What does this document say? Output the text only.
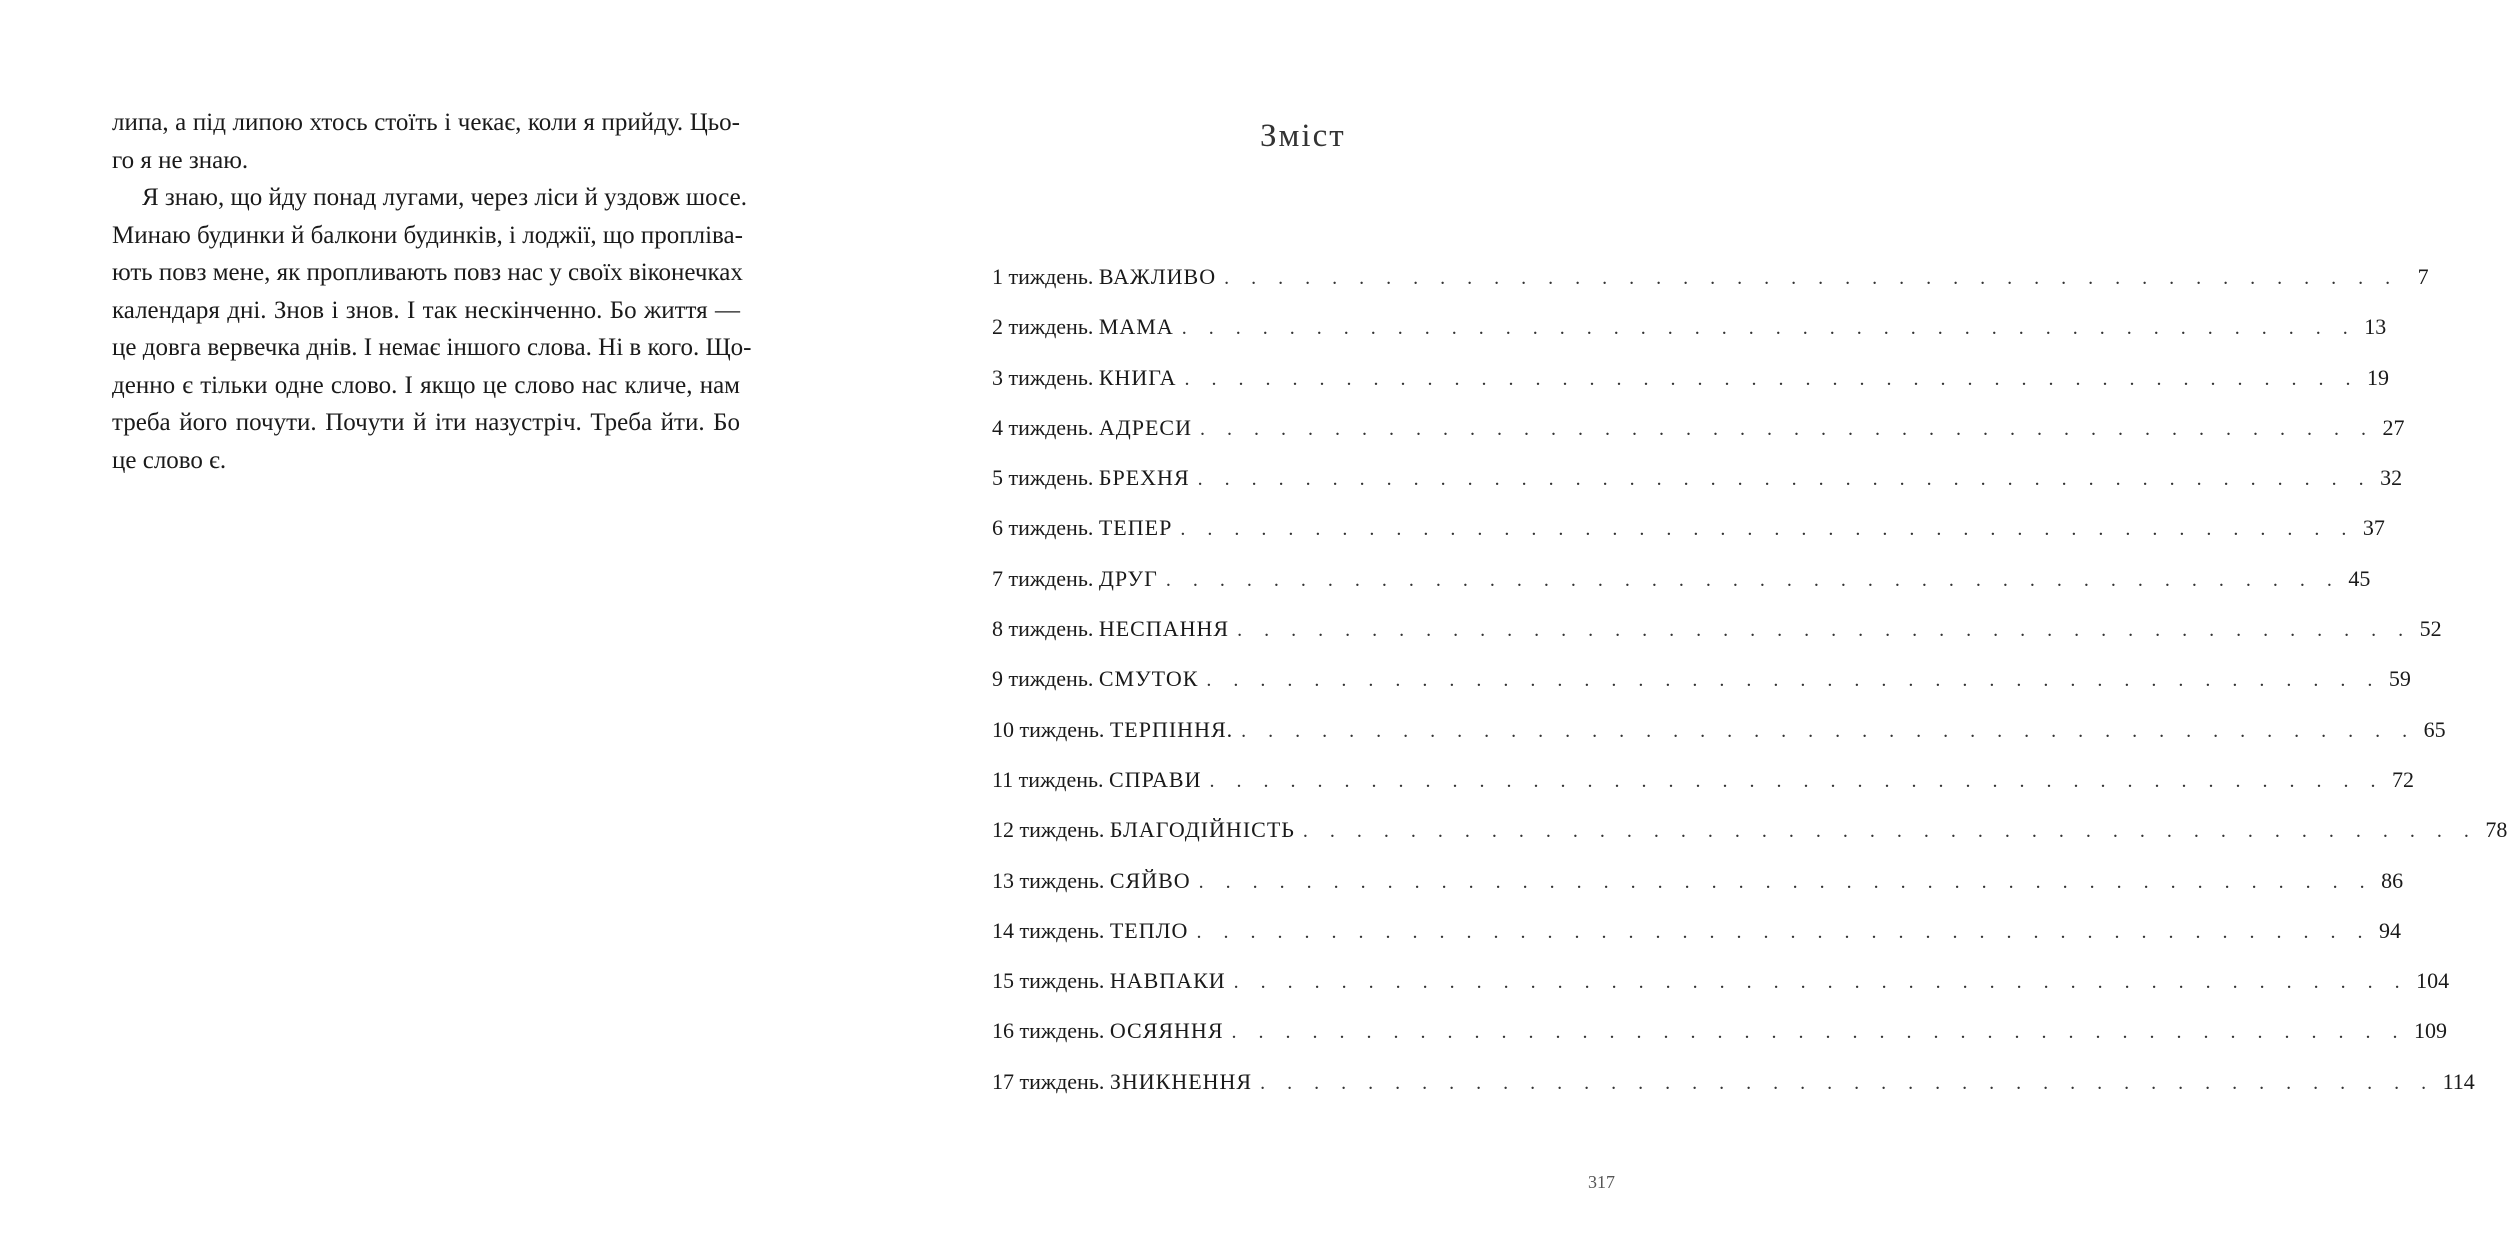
липа, а під липою хтось стоїть і чекає, коли я прийду. Цьо-
го я не знаю.
Я знаю, що йду понад лугами, через ліси й уздовж шосе.
Минаю будинки й балкони будинків, і лоджії, що пропліва-
ють повз мене, як пропливають повз нас у своїх віконечках
календаря дні. Знов і знов. І так нескінченно. Бо життя —
це довга вервечка днів. І немає іншого слова. Ні в кого. Що-
денно є тільки одне слово. І якщо це слово нас кличе, нам
треба його почути. Почути й іти назустріч. Треба йти. Бо
це слово є.
Зміст
1 тиждень. ВАЖЛИВО . . . . . . . . . . . . . . . . . . . . . . . . . . . . . . . . . . . . . . . . . . . . 7
2 тиждень. МАМА . . . . . . . . . . . . . . . . . . . . . . . . . . . . . . . . . . . . . . . . . . . . 13
3 тиждень. КНИГА . . . . . . . . . . . . . . . . . . . . . . . . . . . . . . . . . . . . . . . . . . . . 19
4 тиждень. АДРЕСИ . . . . . . . . . . . . . . . . . . . . . . . . . . . . . . . . . . . . . . . . . . . . 27
5 тиждень. БРЕХНЯ . . . . . . . . . . . . . . . . . . . . . . . . . . . . . . . . . . . . . . . . . . . . 32
6 тиждень. ТЕПЕР . . . . . . . . . . . . . . . . . . . . . . . . . . . . . . . . . . . . . . . . . . . . 37
7 тиждень. ДРУГ . . . . . . . . . . . . . . . . . . . . . . . . . . . . . . . . . . . . . . . . . . . . 45
8 тиждень. НЕСПАННЯ . . . . . . . . . . . . . . . . . . . . . . . . . . . . . . . . . . . . . . . . . . . . 52
9 тиждень. СМУТОК . . . . . . . . . . . . . . . . . . . . . . . . . . . . . . . . . . . . . . . . . . . . 59
10 тиждень. ТЕРПІННЯ. . . . . . . . . . . . . . . . . . . . . . . . . . . . . . . . . . . . . . . . . . . . . 65
11 тиждень. СПРАВИ . . . . . . . . . . . . . . . . . . . . . . . . . . . . . . . . . . . . . . . . . . . . 72
12 тиждень. БЛАГОДІЙНІСТЬ . . . . . . . . . . . . . . . . . . . . . . . . . . . . . . . . . . . . . . . . . . . . 78
13 тиждень. СЯЙВО . . . . . . . . . . . . . . . . . . . . . . . . . . . . . . . . . . . . . . . . . . . . 86
14 тиждень. ТЕПЛО . . . . . . . . . . . . . . . . . . . . . . . . . . . . . . . . . . . . . . . . . . . . 94
15 тиждень. НАВПАКИ . . . . . . . . . . . . . . . . . . . . . . . . . . . . . . . . . . . . . . . . . . . . 104
16 тиждень. ОСЯЯННЯ . . . . . . . . . . . . . . . . . . . . . . . . . . . . . . . . . . . . . . . . . . . . 109
17 тиждень. ЗНИКНЕННЯ . . . . . . . . . . . . . . . . . . . . . . . . . . . . . . . . . . . . . . . . . . . . 114
317
